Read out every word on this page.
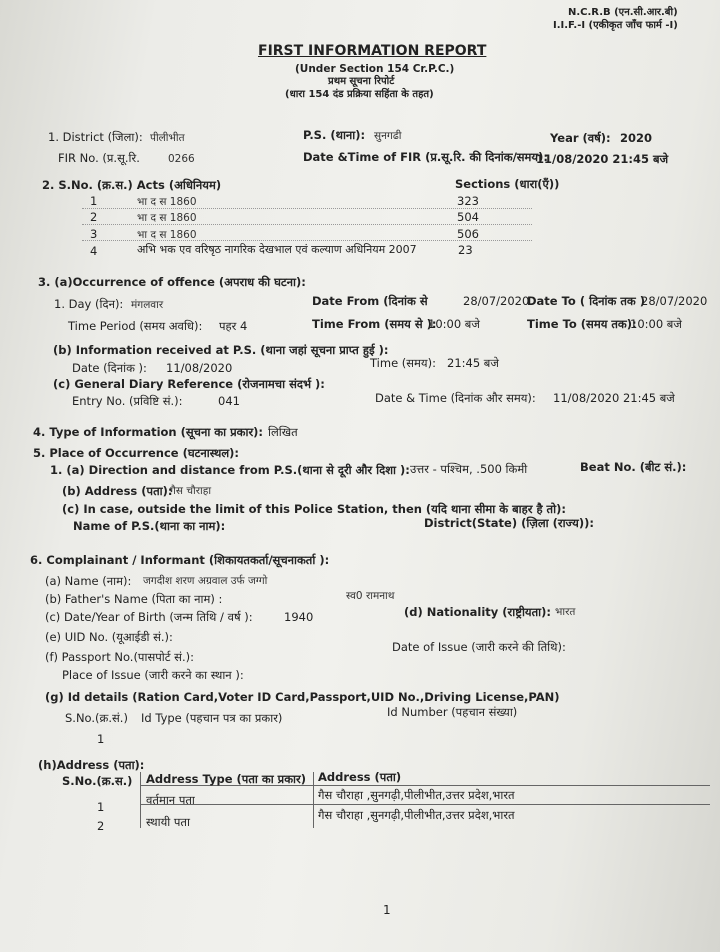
N.C.R.B (एन.सी.आर.बी)
I.I.F.-I (एकीकृत जाँच फार्म -I)
FIRST INFORMATION REPORT
(Under Section 154 Cr.P.C.)
प्रथम सूचना रिपोर्ट
(धारा 154 दंड प्रक्रिया सहिंता के तहत)
1. District (जिला): पीलीभीत	P.S. (थाना): सुनगढी	Year (वर्ष): 2020
FIR No. (प्र.सू.रि.	0266	Date &Time of FIR (प्र.सू.रि. की दिनांक/समय):
11/08/2020 21:45 बजे
2. S.No. (क्र.स.) Acts (अधिनियम)	Sections (धारा(एँ))
1	भा द स 1860	323
2	भा द स 1860	504
3	भा द स 1860	506
4	अभि भक एव वरिषृठ नागरिक देखभाल एवं कल्याण अधिनियम 2007	23
3. (a)Occurrence of offence (अपराध की घटना):
1. Day (दिन): मंगलवार	Date From (दिनांक से	28/07/2020
Date To ( दिनांक तक )
28/07/2020
Time Period (समय अवधि): पहर 4	Time From (समय से ):
10:00 बजे	Time To (समय तक):
10:00 बजे
(b) Information received at P.S. (थाना जहां सूचना प्राप्त हुई ):
Date (दिनांक ): 11/08/2020	Time (समय): 21:45 बजे
(c) General Diary Reference (रोजनामचा संदर्भ ):
Entry No. (प्रविष्टि सं.):	041	Date & Time (दिनांक और समय): 11/08/2020 21:45 बजे
4. Type of Information (सूचना का प्रकार): लिखित
5. Place of Occurrence (घटनास्थल):
1. (a) Direction and distance from P.S.(थाना से दूरी और दिशा ): उत्तर - पश्चिम, .500 किमी	Beat No. (बीट सं.):
(b) Address (पता):
गैस चौराहा
(c) In case, outside the limit of this Police Station, then (यदि थाना सीमा के बाहर है तो):
Name of P.S.(थाना का नाम):	District(State) (ज़िला (राज्य)):
6. Complainant / Informant (शिकायतकर्ता/सूचनाकर्ता ):
(a) Name (नाम): जगदीश शरण अग्रवाल उर्फ जग्गो
(b) Father's Name (पिता का नाम) :	स्व0 रामनाथ
(c) Date/Year of Birth (जन्म तिथि / वर्ष ):	1940	(d) Nationality (राष्ट्रीयता): भारत
(e) UID No. (यूआईडी सं.):
(f) Passport No.(पासपोर्ट सं.):
Date of Issue (जारी करने की तिथि):
Place of Issue (जारी करने का स्थान ):
(g) Id details (Ration Card,Voter ID Card,Passport,UID No.,Driving License,PAN)
S.No.(क्र.सं.) Id Type (पहचान पत्र का प्रकार)	Id Number (पहचान संख्या)
1
(h)Address (पता):
S.No.(क्र.स.) Address Type (पता का प्रकार) Address (पता)
1	वर्तमान पता	गैस चौराहा ,सुनगढ़ी,पीलीभीत,उत्तर प्रदेश,भारत
2	स्थायी पता	गैस चौराहा ,सुनगढ़ी,पीलीभीत,उत्तर प्रदेश,भारत
1
